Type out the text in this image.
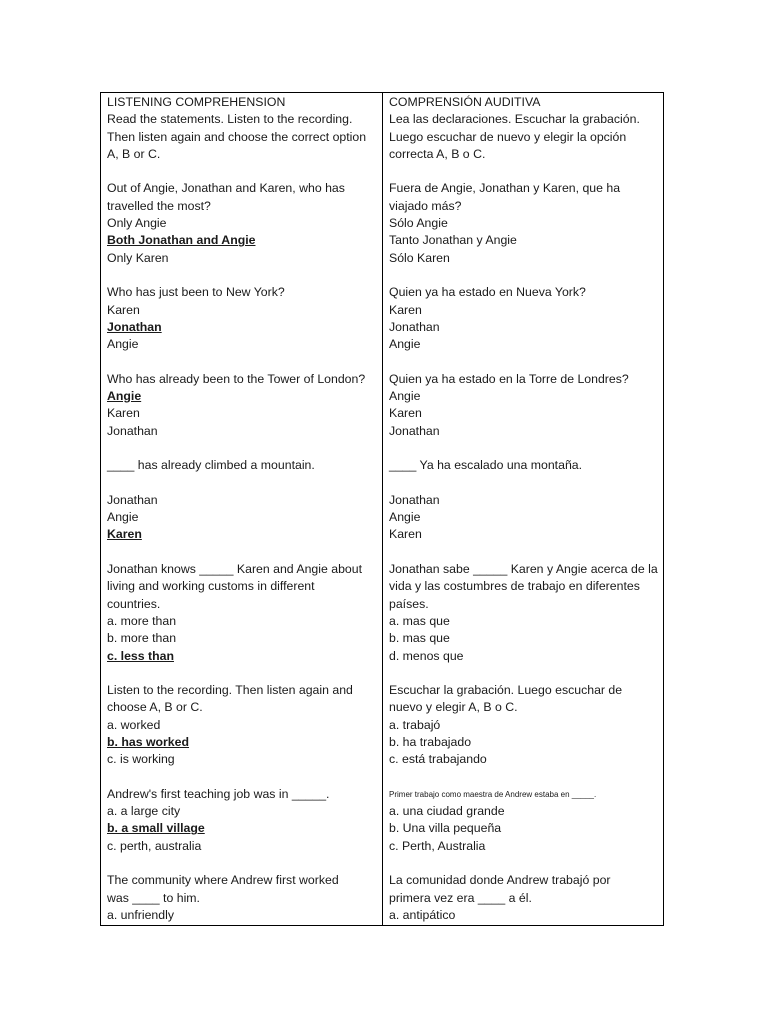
LISTENING COMPREHENSION
Read the statements. Listen to the recording.
Then listen again and choose the correct option
A, B or C.
Out of Angie, Jonathan and Karen, who has
travelled the most?
Only Angie
Both Jonathan and Angie
Only Karen
Who has just been to New York?
Karen
Jonathan
Angie
Who has already been to the Tower of London?
Angie
Karen
Jonathan
____ has already climbed a mountain.
Jonathan
Angie
Karen
Jonathan knows _____ Karen and Angie about
living and working customs in different
countries.
a. more than
b. more than
c. less than
Listen to the recording. Then listen again and
choose A, B or C.
a. worked
b. has worked
c. is working
Andrew's first teaching job was in _____.
a. a large city
b. a small village
c. perth, australia
The community where Andrew first worked
was ____ to him.
a. unfriendly
COMPRENSIÓN AUDITIVA
Lea las declaraciones. Escuchar la grabación.
Luego escuchar de nuevo y elegir la opción
correcta A, B o C.
Fuera de Angie, Jonathan y Karen, que ha
viajado más?
Sólo Angie
Tanto Jonathan y Angie
Sólo Karen
Quien ya ha estado en Nueva York?
Karen
Jonathan
Angie
Quien ya ha estado en la Torre de Londres?
Angie
Karen
Jonathan
____ Ya ha escalado una montaña.
Jonathan
Angie
Karen
Jonathan sabe _____ Karen y Angie acerca de la
vida y las costumbres de trabajo en diferentes
países.
a. mas que
b. mas que
d. menos que
Escuchar la grabación. Luego escuchar de
nuevo y elegir A, B o C.
a. trabajó
b. ha trabajado
c. está trabajando
Primer trabajo como maestra de Andrew estaba en _____.
a. una ciudad grande
b. Una villa pequeña
c. Perth, Australia
La comunidad donde Andrew trabajó por
primera vez era ____ a él.
a. antipático
